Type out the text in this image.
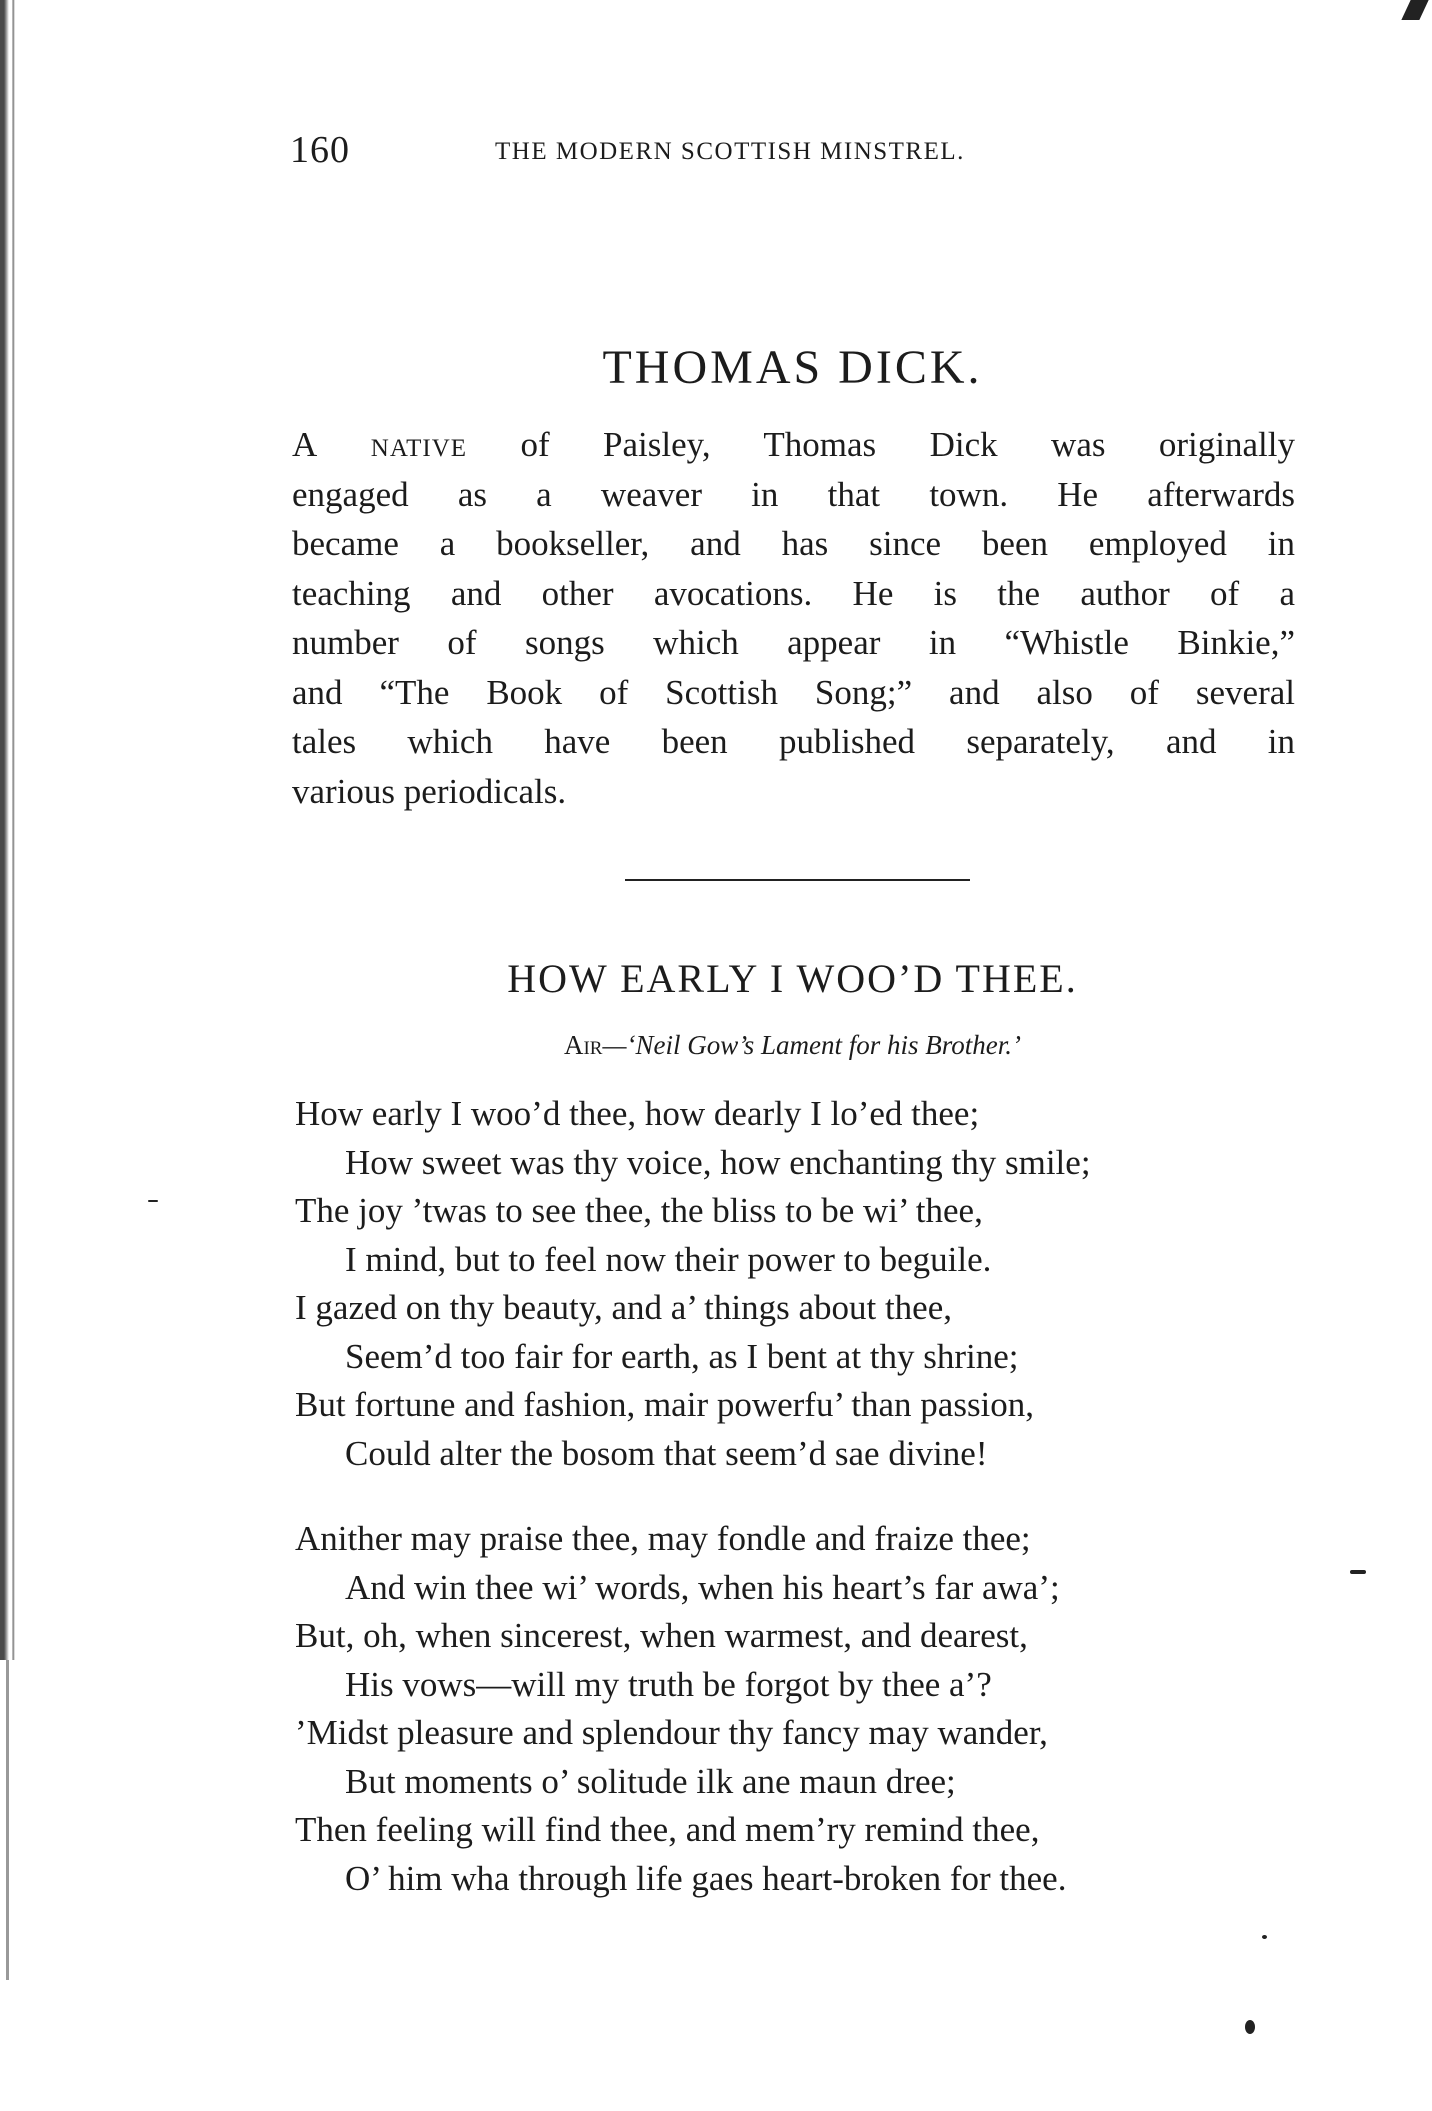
160	THE MODERN SCOTTISH MINSTREL.
THOMAS DICK.
A native of Paisley, Thomas Dick was originally
engaged as a weaver in that town. He afterwards
became a bookseller, and has since been employed in
teaching and other avocations. He is the author of a
number of songs which appear in “Whistle Binkie,”
and “The Book of Scottish Song;” and also of several
tales which have been published separately, and in
various periodicals.
HOW EARLY I WOO’D THEE.
Air—‘Neil Gow’s Lament for his Brother.’
How early I woo’d thee, how dearly I lo’ed thee;
How sweet was thy voice, how enchanting thy smile;
The joy ’twas to see thee, the bliss to be wi’ thee,
I mind, but to feel now their power to beguile.
I gazed on thy beauty, and a’ things about thee,
Seem’d too fair for earth, as I bent at thy shrine;
But fortune and fashion, mair powerfu’ than passion,
Could alter the bosom that seem’d sae divine!
Anither may praise thee, may fondle and fraize thee;
And win thee wi’ words, when his heart’s far awa’;
But, oh, when sincerest, when warmest, and dearest,
His vows—will my truth be forgot by thee a’?
’Midst pleasure and splendour thy fancy may wander,
But moments o’ solitude ilk ane maun dree;
Then feeling will find thee, and mem’ry remind thee,
O’ him wha through life gaes heart-broken for thee.
